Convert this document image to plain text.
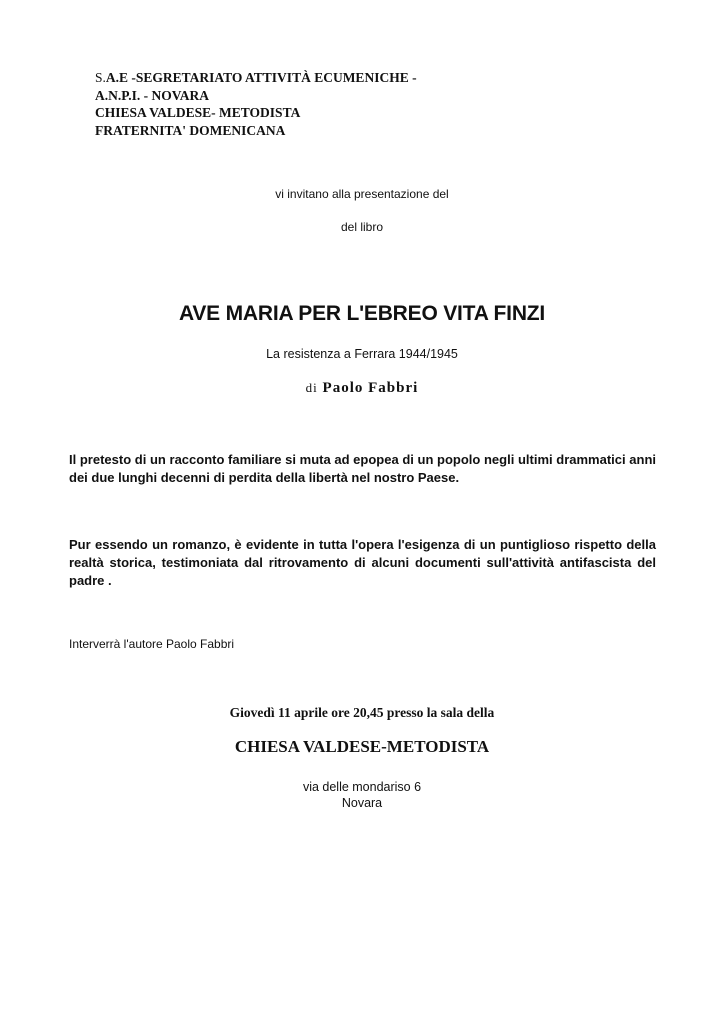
S.A.E -SEGRETARIATO ATTIVITÀ ECUMENICHE -
A.N.P.I. - NOVARA
CHIESA VALDESE- METODISTA
FRATERNITA' DOMENICANA
vi invitano alla presentazione del
del libro
AVE MARIA PER L'EBREO VITA FINZI
La resistenza a Ferrara 1944/1945
di Paolo Fabbri
Il pretesto di un racconto familiare si muta ad epopea di un popolo negli ultimi drammatici anni dei due lunghi decenni di perdita della libertà nel nostro Paese.
Pur essendo un romanzo, è evidente in tutta l'opera l'esigenza di un puntiglioso rispetto della realtà storica, testimoniata dal ritrovamento di alcuni documenti sull'attività antifascista del padre .
Interverrà l'autore Paolo Fabbri
Giovedì 11 aprile ore 20,45 presso la sala della
CHIESA VALDESE-METODISTA
via delle mondariso 6
Novara
